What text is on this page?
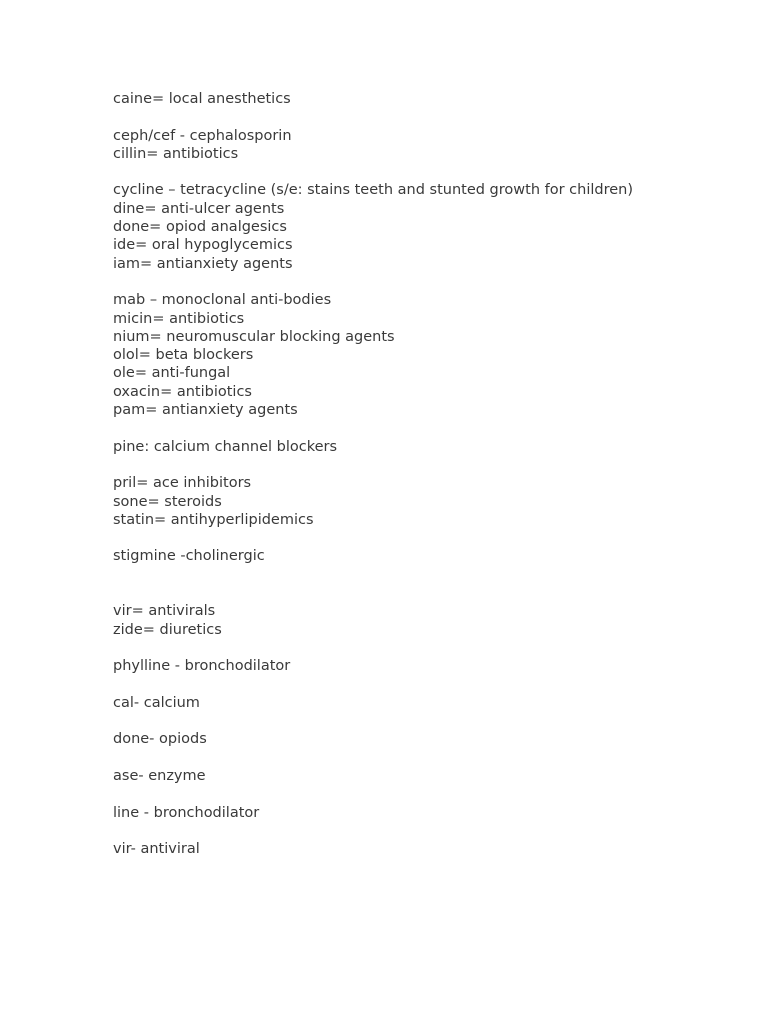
caine= local anesthetics
ceph/cef - cephalosporin
cillin= antibiotics
cycline – tetracycline (s/e: stains teeth and stunted growth for children)
dine= anti-ulcer agents
done= opiod analgesics
ide= oral hypoglycemics
iam= antianxiety agents
mab – monoclonal anti-bodies
micin= antibiotics
nium= neuromuscular blocking agents
olol= beta blockers
ole= anti-fungal
oxacin= antibiotics
pam= antianxiety agents
pine: calcium channel blockers
pril= ace inhibitors
sone= steroids
statin= antihyperlipidemics
stigmine -cholinergic
vir= antivirals
zide= diuretics
phylline - bronchodilator
cal- calcium
done- opiods
ase- enzyme
line - bronchodilator
vir- antiviral
